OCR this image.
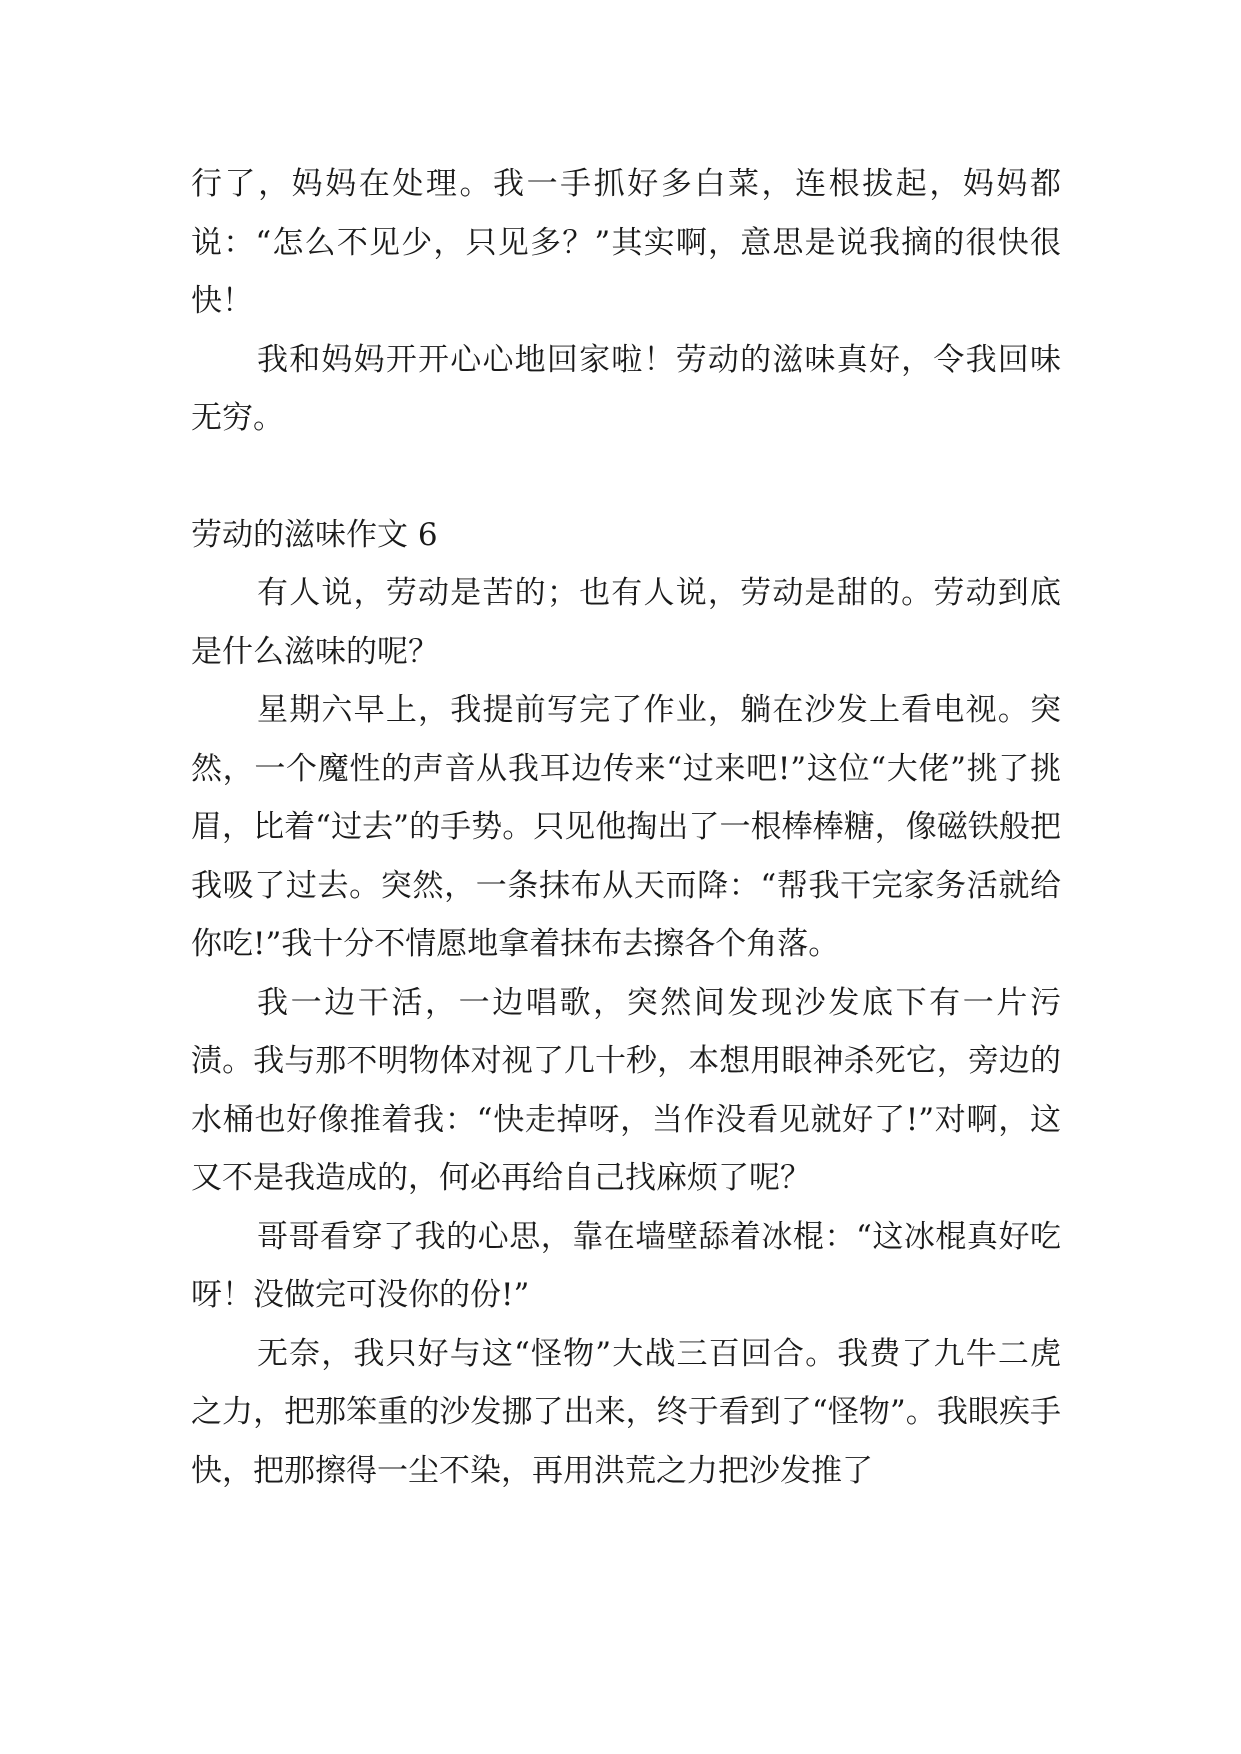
行了，妈妈在处理。我一手抓好多白菜，连根拔起，妈妈都说：“怎么不见少，只见多？”其实啊，意思是说我摘的很快很快！

我和妈妈开开心心地回家啦！劳动的滋味真好，令我回味无穷。

劳动的滋味作文 6

有人说，劳动是苦的；也有人说，劳动是甜的。劳动到底是什么滋味的呢？

星期六早上，我提前写完了作业，躺在沙发上看电视。突然，一个魔性的声音从我耳边传来“过来吧!”这位“大佬”挑了挑眉，比着“过去”的手势。只见他掏出了一根棒棒糖，像磁铁般把我吸了过去。突然，一条抹布从天而降：“帮我干完家务活就给你吃!”我十分不情愿地拿着抹布去擦各个角落。

我一边干活，一边唱歌，突然间发现沙发底下有一片污渍。我与那不明物体对视了几十秒，本想用眼神杀死它，旁边的水桶也好像推着我：“快走掉呀，当作没看见就好了!”对啊，这又不是我造成的，何必再给自己找麻烦了呢？

哥哥看穿了我的心思，靠在墙壁舔着冰棍：“这冰棍真好吃呀！没做完可没你的份!”

无奈，我只好与这“怪物”大战三百回合。我费了九牛二虎之力，把那笨重的沙发挪了出来，终于看到了“怪物”。我眼疾手快，把那擦得一尘不染，再用洪荒之力把沙发推了
